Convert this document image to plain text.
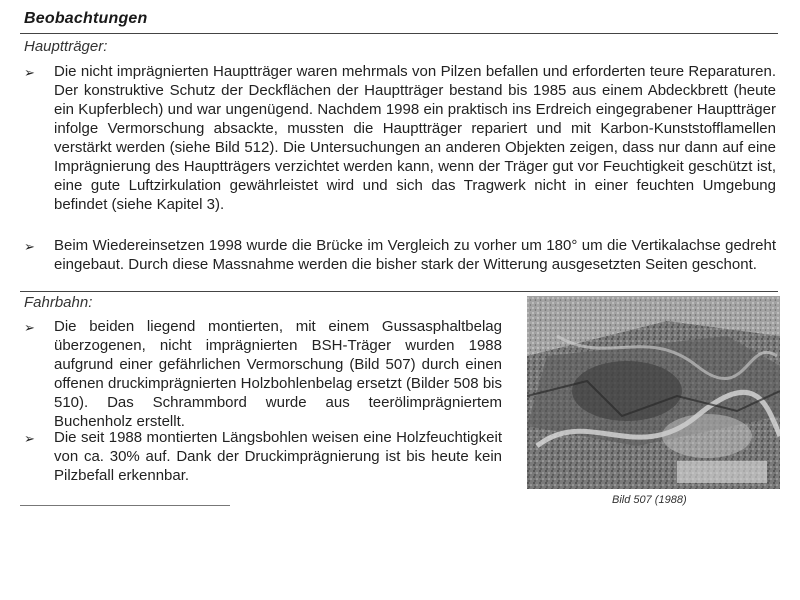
Beobachtungen
Hauptträger:
➢ Die nicht imprägnierten Hauptträger waren mehrmals von Pilzen befallen und erforderten teure Reparaturen. Der konstruktive Schutz der Deckflächen der Hauptträger bestand bis 1985 aus einem Abdeckbrett (heute ein Kupferblech) und war ungenügend. Nachdem 1998 ein praktisch ins Erdreich eingegrabener Hauptträger infolge Vermorschung absackte, mussten die Hauptträger repariert und mit Karbon-Kunststofflamellen verstärkt werden (siehe Bild 512). Die Untersuchungen an anderen Objekten zeigen, dass nur dann auf eine Imprägnierung des Hauptträgers verzichtet werden kann, wenn der Träger gut vor Feuchtigkeit geschützt ist, eine gute Luftzirkulation gewährleistet wird und sich das Tragwerk nicht in einer feuchten Umgebung befindet (siehe Kapitel 3).
➢ Beim Wiedereinsetzen 1998 wurde die Brücke im Vergleich zu vorher um 180° um die Vertikalachse gedreht eingebaut. Durch diese Massnahme werden die bisher stark der Witterung ausgesetzten Seiten geschont.
Fahrbahn:
➢ Die beiden liegend montierten, mit einem Gussasphaltbelag überzogenen, nicht imprägnierten BSH-Träger wurden 1988 aufgrund einer gefährlichen Vermorschung (Bild 507) durch einen offenen druckimprägnierten Holzbohlenbelag ersetzt (Bilder 508 bis 510). Das Schrammbord wurde aus teerölimprägniertem Buchenholz erstellt.
➢ Die seit 1988 montierten Längsbohlen weisen eine Holzfeuchtigkeit von ca. 30% auf. Dank der Druckimprägnierung ist bis heute kein Pilzbefall erkennbar.
Bild 507 (1988)
